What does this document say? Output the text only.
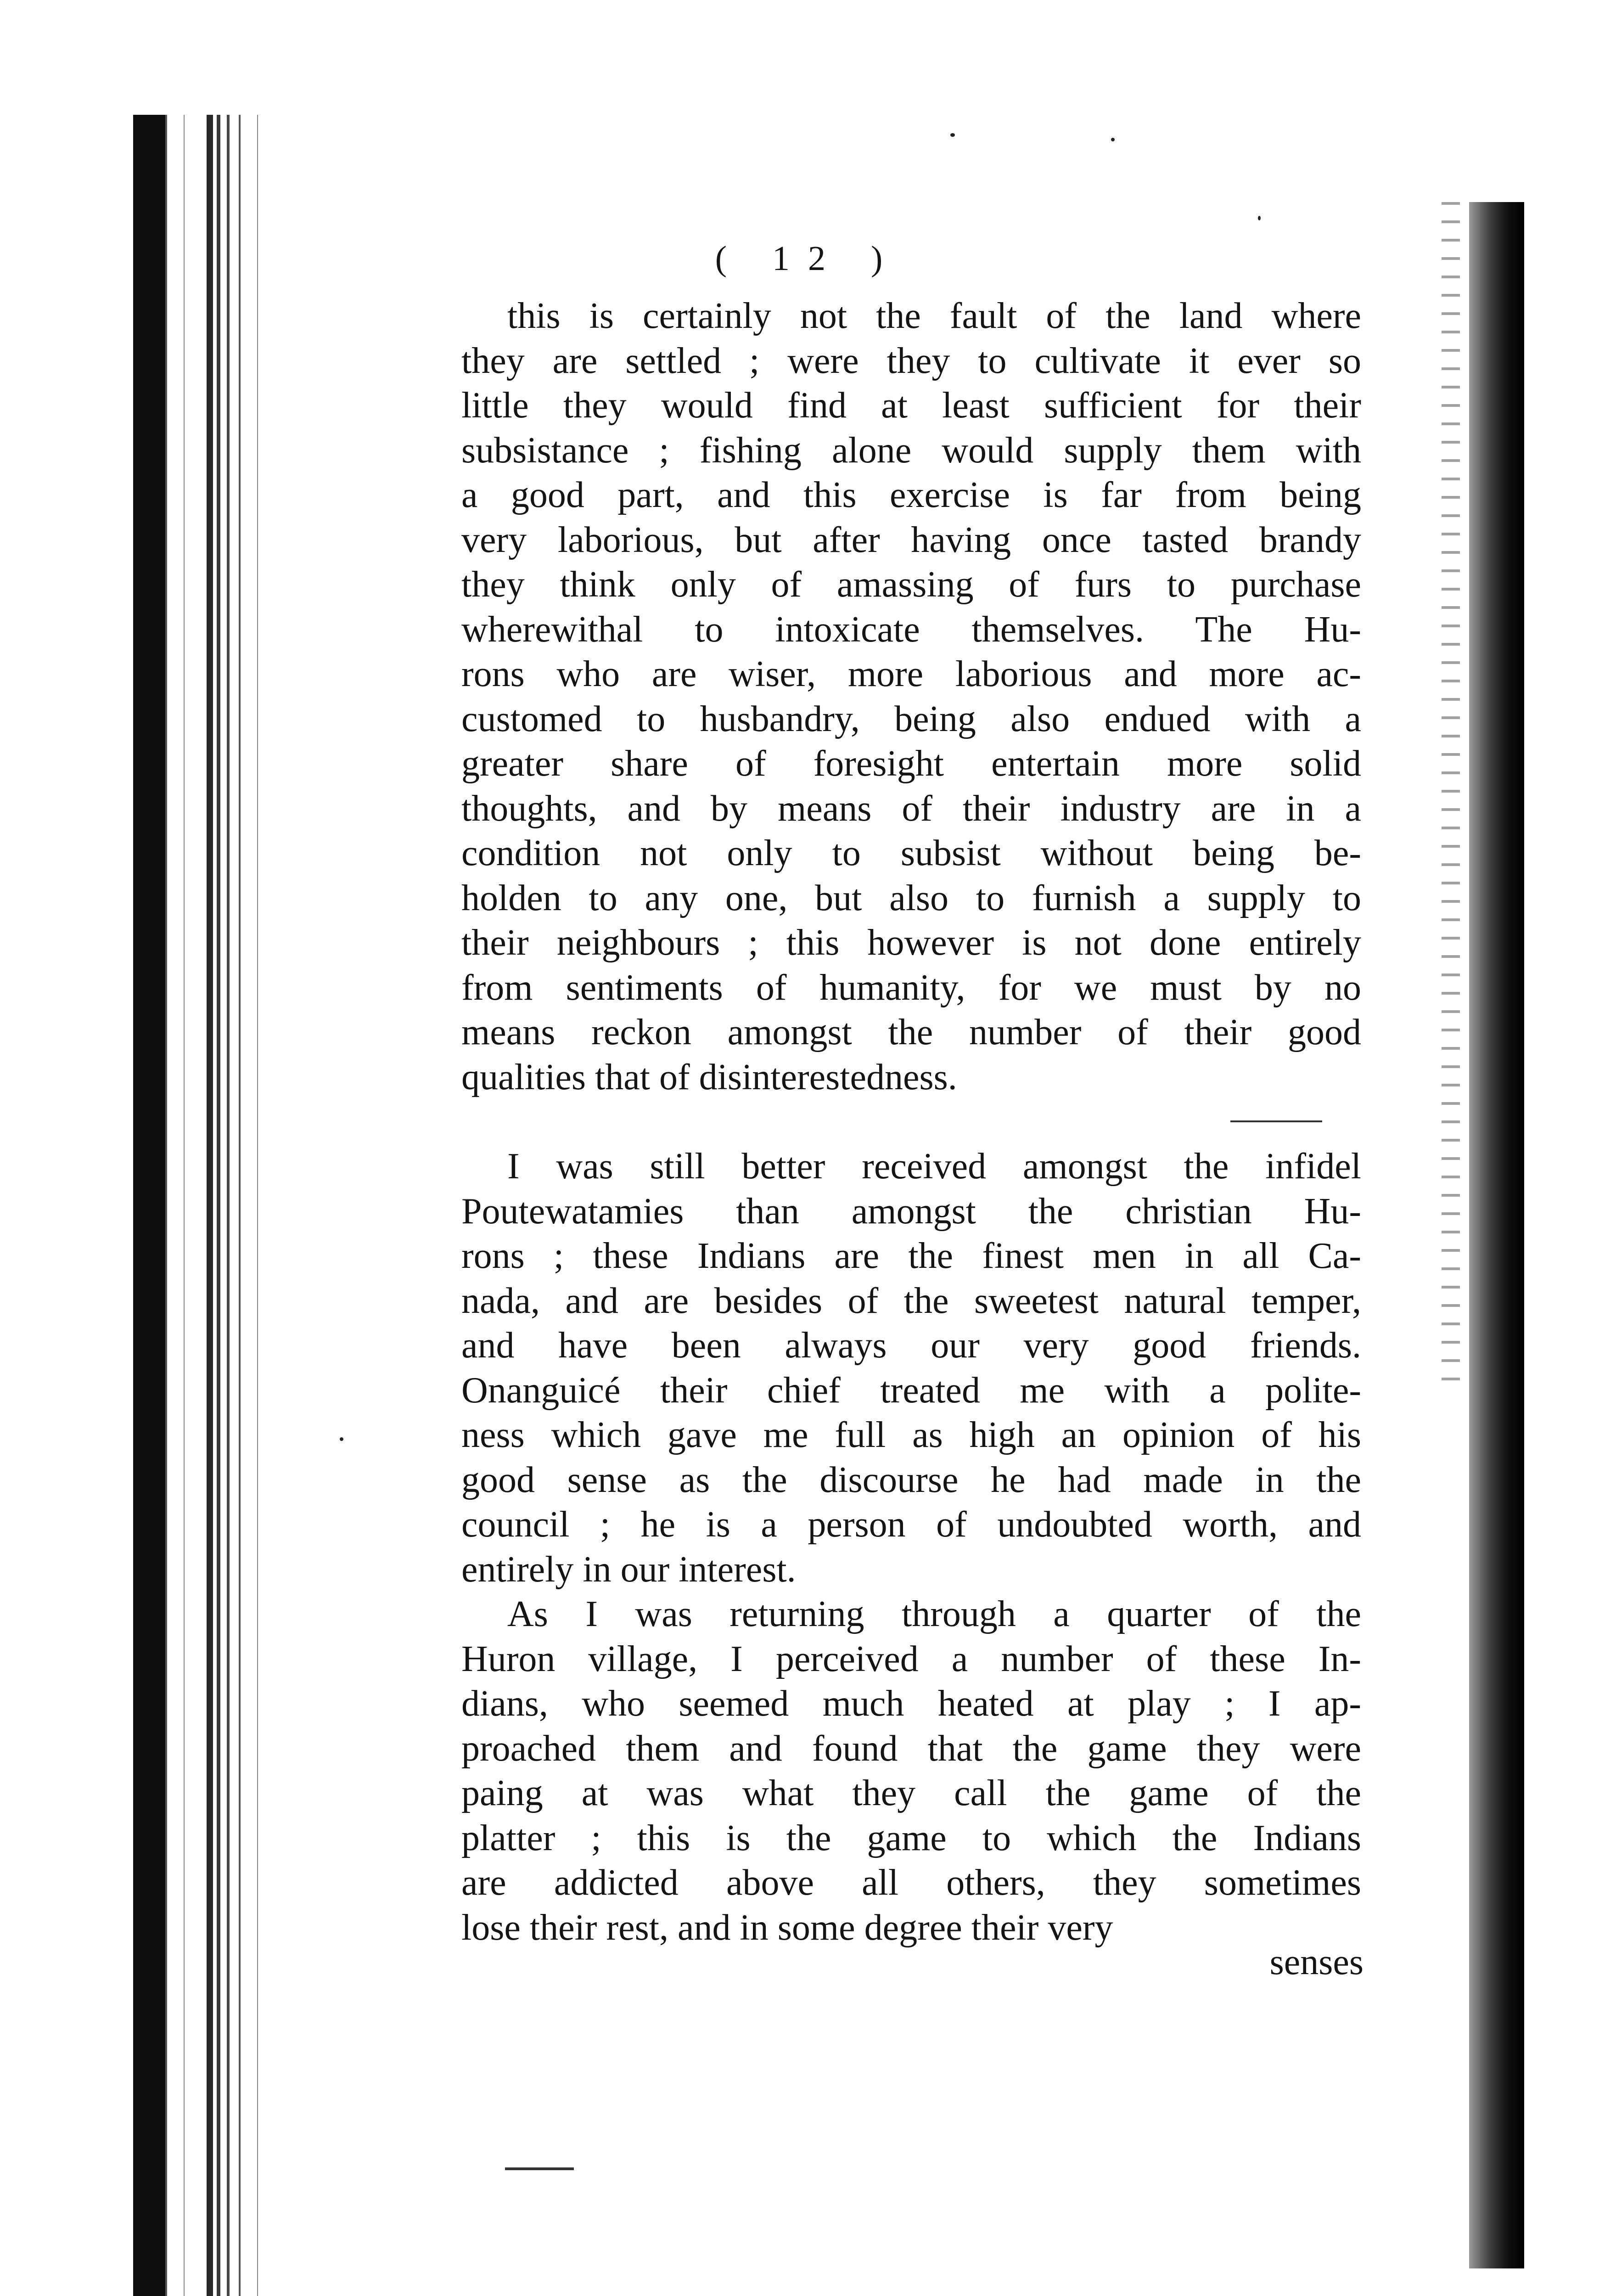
( 12 )
this is certainly not the fault of the land where
they are settled ; were they to cultivate it ever so
little they would find at least sufficient for their
subsistance ; fishing alone would supply them with
a good part, and this exercise is far from being
very laborious, but after having once tasted brandy
they think only of amassing of furs to purchase
wherewithal to intoxicate themselves. The Hu-
rons who are wiser, more laborious and more ac-
customed to husbandry, being also endued with a
greater share of foresight entertain more solid
thoughts, and by means of their industry are in a
condition not only to subsist without being be-
holden to any one, but also to furnish a supply to
their neighbours ; this however is not done entirely
from sentiments of humanity, for we must by no
means reckon amongst the number of their good
qualities that of disinterestedness.
I was still better received amongst the infidel
Poutewatamies than amongst the christian Hu-
rons ; these Indians are the finest men in all Ca-
nada, and are besides of the sweetest natural temper,
and have been always our very good friends.
Onanguicé their chief treated me with a polite-
ness which gave me full as high an opinion of his
good sense as the discourse he had made in the
council ; he is a person of undoubted worth, and
entirely in our interest.
As I was returning through a quarter of the
Huron village, I perceived a number of these In-
dians, who seemed much heated at play ; I ap-
proached them and found that the game they were
paing at was what they call the game of the
platter ; this is the game to which the Indians
are addicted above all others, they sometimes
lose their rest, and in some degree their very
senses
